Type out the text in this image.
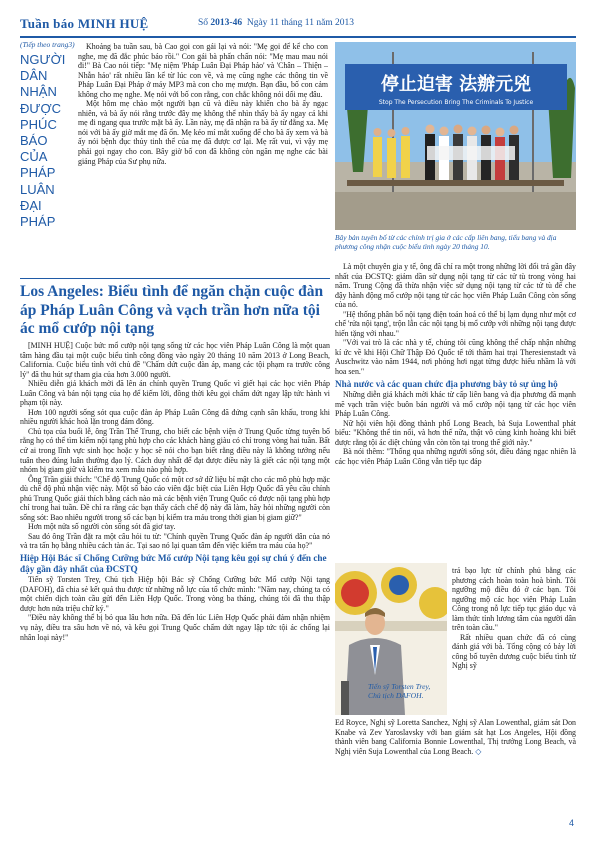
Tuần báo MINH HUỆ	Số 2013-46 Ngày 11 tháng 11 năm 2013
(Tiếp theo trang3)
NGƯỜI
DÂN
NHẬN
ĐƯỢC
PHÚC
BÁO
CỦA
PHÁP
LUÂN
ĐẠI
PHÁP

Khoảng ba tuần sau, bà Cao gọi con gái lại và nói: "Mẹ gọi để kể cho con nghe, mẹ đã đắc phúc báo rồi." Con gái bà phấn chấn nói: "Mẹ mau mau nói đi!" Bà Cao nói tiếp: "Mẹ niệm 'Pháp Luân Đại Pháp hảo' và 'Chân – Thiện – Nhẫn hảo' rất nhiều lần kể từ lúc con về, và mẹ cũng nghe các thông tin về Pháp Luân Đại Pháp ở máy MP3 mà con cho mẹ mượn. Bạn đầu, bố con cảm không cho mẹ nghe. Mẹ nói với bố con rằng, con chắc không nói dối mẹ đâu.

Một hôm mẹ chào một người bạn cũ và điều này khiến cho bà ấy ngạc nhiên, và bà ấy nói rằng trước đây mẹ không thể nhìn thấy bà ấy ngay cả khi mẹ đi ngang qua trước mặt bà ấy. Lần này, mẹ đã nhận ra bà ấy từ đằng xa. Mẹ nói với bà ấy giờ mắt mẹ đã ổn. Mẹ kéo mí mắt xuống để cho bà ấy xem và bà ấy nói bệnh đục thủy tinh thể của mẹ đã được cơ lại. Mẹ rất vui, vì vậy mẹ phải gọi ngay cho con. Bây giờ bố con đã không còn ngăn mẹ nghe các bài giảng Pháp của Sư phụ nữa.

停止迫害 法辦元兇
Stop The Persecution Bring The Criminals To Justice
Bây bản tuyên bố từ các chính trị gia ở các cấp liên bang, tiểu bang và địa phương công nhận cuộc biểu tình ngày 20 tháng 10.
Los Angeles: Biểu tình để ngăn chặn cuộc đàn áp Pháp Luân Công và vạch trần hơn nữa tội ác mổ cướp nội tạng

[MINH HUỆ] Cuộc bức mổ cướp nội tạng sống từ các học viên Pháp Luân Công là một quan tâm hàng đầu tại một cuộc biểu tình công đồng vào ngày 20 tháng 10 năm 2013 ở Long Beach, California. Cuộc biểu tình với chủ đề "Chấm dứt cuộc đàn áp, mang các tội phạm ra trước công lý" đã thu hút sự tham gia của hơn 3.000 người.

Nhiều diễn giả khách mời đã lên án chính quyền Trung Quốc vì giết hại các học viên Pháp Luân Công và bán nội tạng của họ để kiếm lời, đồng thời kêu gọi chấm dứt ngay lập tức hành vi phạm tội này.

Hơn 100 người sống sót qua cuộc đàn áp Pháp Luân Công đã đứng cạnh sân khấu, trong khi nhiều người khác hoà lặn trong đám đông.

Chủ tọa của buổi lễ, ông Trần Thế Trung, cho biết các bệnh viện ở Trung Quốc từng tuyên bố rằng họ có thể tìm kiếm nội tạng phù hợp cho các khách hàng giàu có chỉ trong vòng hai tuần. Bất cứ ai trong lĩnh vực sinh học hoặc y học sẽ nói cho bạn biết rằng điều này là không tưởng nếu tuân theo đúng luân thường đạo lý. Cách duy nhất để đạt được điều này là giết các nội tạng một nhóm bị giam giữ và kiểm tra xem mẫu nào phù hợp.

Ông Trần giải thích: "Chế độ Trung Quốc có một cơ sở dữ liệu bí mật cho các mô phù hợp mặc dù chế độ phủ nhận việc này. Một số báo cáo viên đặc biệt của Liên Hợp Quốc đã yêu cầu chính phủ Trung Quốc giải thích bằng cách nào mà các bệnh viện Trung Quốc có được nội tạng phù hợp chỉ trong hai tuần. Đề chỉ ra rằng các bạn thấy cách chế độ này đã làm, hãy hỏi những người còn sống sót: Bao nhiêu người trong số các bạn bị kiểm tra máu trong thời gian bị giam giữ?"

Hơn một nửa số người còn sống sót đã giơ tay.

Sau đó ông Trần đặt ra một câu hỏi tu từ: "Chính quyền Trung Quốc đàn áp người dân của nó và tra tấn họ bằng nhiều cách tàn ác. Tại sao nó lại quan tâm đến việc kiểm tra máu của họ?"

Hiệp Hội Bác sĩ Chống Cưỡng bức Mổ cướp Nội tạng kêu gọi sự chú ý đến che đậy gần đây nhất của ĐCSTQ

Tiến sỹ Torsten Trey, Chủ tịch Hiệp hội Bác sỹ Chống Cưỡng bức Mổ cướp Nội tạng (DAFOH), đã chia sẻ kết quả thu được từ những nỗ lực của tổ chức mình: "Năm nay, chúng ta có một chiến dịch toàn cầu gửi đến Liên Hợp Quốc. Trong vòng ba tháng, chúng tôi đã thu thập được hơn nửa triệu chữ ký."

"Điều này không thể bị bỏ qua lâu hơn nữa. Đã đến lúc Liên Hợp Quốc phải đảm nhận nhiệm vụ này, điều tra sâu hơn về nó, và kêu gọi Trung Quốc chấm dứt ngay lập tức tội ác chống lại nhân loại này!"

Là một chuyên gia y tế, ông đã chỉ ra một trong những lời đổi trá gần đây nhất của ĐCSTQ: giảm dần sử dụng nội tạng từ các tử tù trong vòng hai năm. Trung Cộng đã thừa nhận việc sử dụng nội tạng từ các tử tù để che đậy hành động mổ cướp nội tạng từ các học viên Pháp Luân Công còn sống của nó.

"Hệ thống phân bổ nội tạng điện toán hoá có thể bị lạm dụng như một cơ chế 'rửa nội tạng', trộn lẫn các nội tạng bị mổ cướp với những nội tạng được hiến tặng với nhau."

"Với vai trò là các nhà y tế, chúng tôi cũng không thể chấp nhận những kí ức về khi Hội Chữ Thập Đỏ Quốc tế tới thăm hai trại Theresienstadt và Auschwitz vào năm 1944, nơi phóng hơi ngạt từng được hiểu nhầm là với hoa sen."

Nhà nước và các quan chức địa phương bày tỏ sự ủng hộ

Những diễn giả khách mời khác từ cấp liên bang và địa phương đã mạnh mẽ vạch trần việc buôn bán người và mổ cướp nội tạng từ các học viên Pháp Luân Công.

Nữ hội viên hội đồng thành phố Long Beach, bà Suja Lowenthal phát biểu: "Không thể tin nổi, và hơn thế nữa, thật vô cùng kinh hoàng khi biết được rằng tội ác diệt chủng vẫn còn tồn tại trong thế giới này."

Bà nói thêm: "Thống qua những người sống sót, điều đáng ngạc nhiên là các học viên Pháp Luân Công vẫn tiếp tục đáp

Tiến sỹ Torsten Trey, Chủ tịch DAFOH.

trả bạo lực từ chính phủ bằng các phương cách hoàn toàn hoà bình. Tôi ngưỡng mộ điều đó ở các bạn. Tôi ngưỡng mộ các học viên Pháp Luân Công trong nỗ lực tiếp tục giáo dục và làm thức tỉnh lương tâm của người dân trên toàn cầu."

Rất nhiều quan chức đã có cùng đánh giá với bà. Tổng cộng có bảy lời công bố tuyên dương cuộc biểu tình từ Nghị sỹ

Ed Royce, Nghị sỹ Loretta Sanchez, Nghị sỹ Alan Lowenthal, giám sát Don Knabe và Zev Yaroslavsky với ban giám sát hạt Los Angeles, Hội đồng thành viên bang California Bonnie Lowenthal, Thị trưởng Long Beach, và Nghị viên Suja Lowenthal của Long Beach. ◇

4
